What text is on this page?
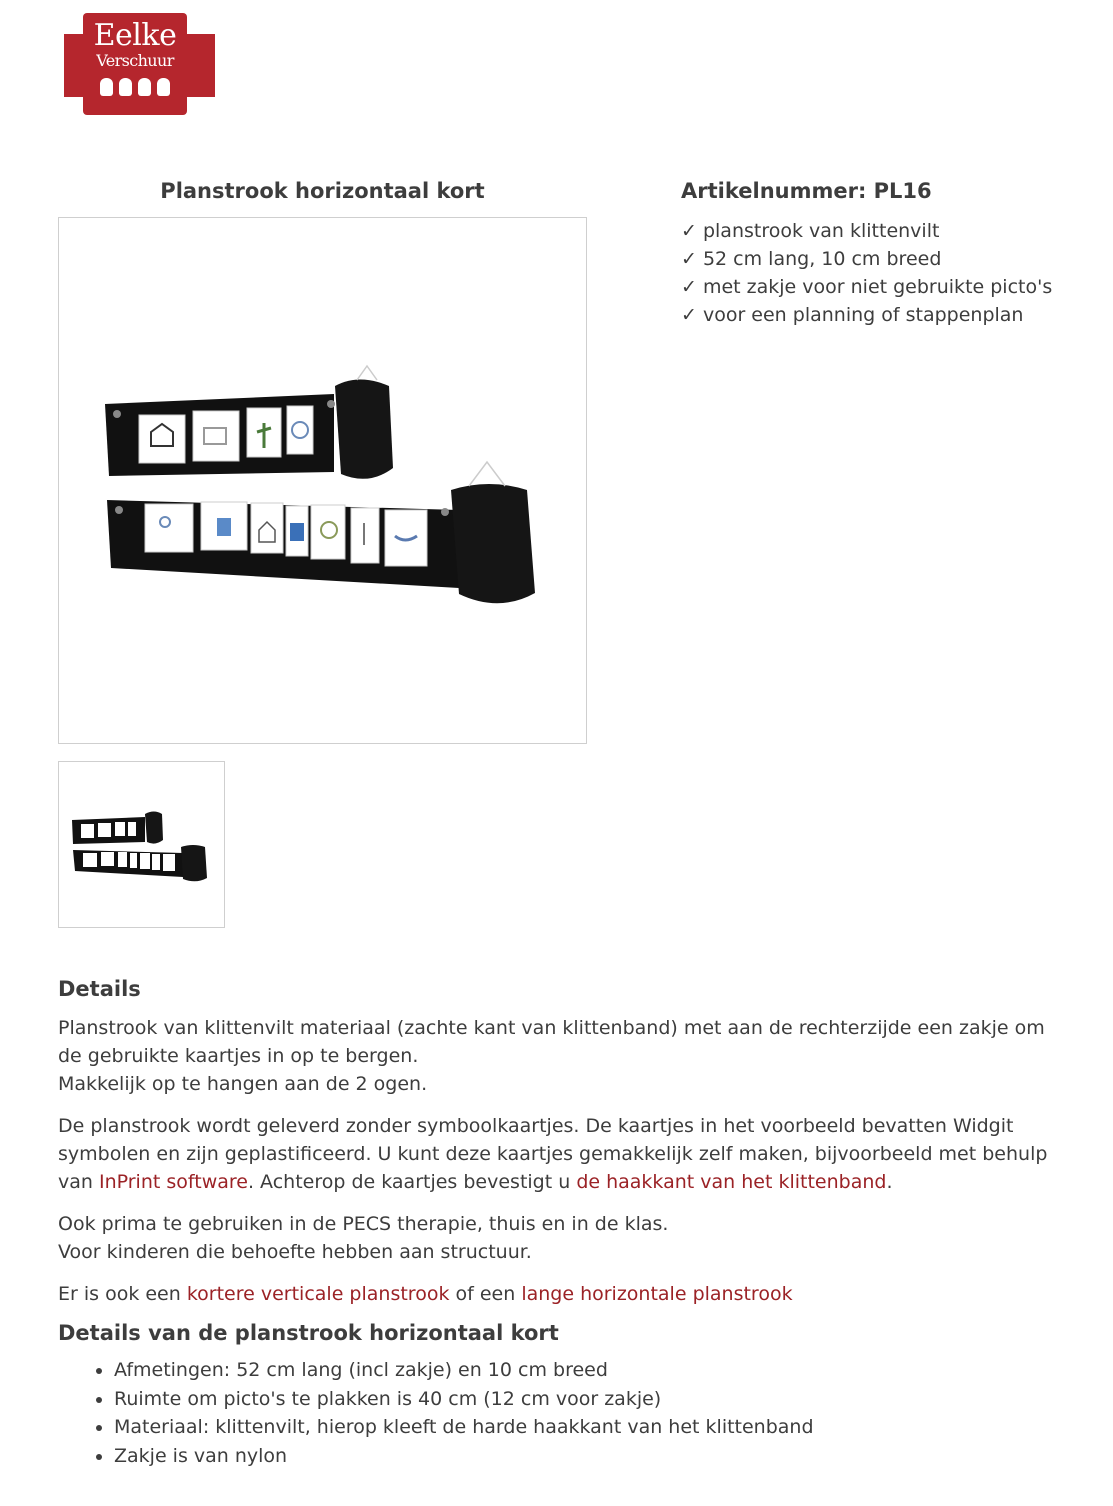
Eelke
Verschuur
Planstrook horizontaal kort	Artikelnummer: PL16
✓ planstrook van klittenvilt
✓ 52 cm lang, 10 cm breed
✓ met zakje voor niet gebruikte picto's
✓ voor een planning of stappenplan
Details

Planstrook van klittenvilt materiaal (zachte kant van klittenband) met aan de rechterzijde een zakje om de gebruikte kaartjes in op te bergen.
Makkelijk op te hangen aan de 2 ogen.

De planstrook wordt geleverd zonder symboolkaartjes. De kaartjes in het voorbeeld bevatten Widgit symbolen en zijn geplastificeerd. U kunt deze kaartjes gemakkelijk zelf maken, bijvoorbeeld met behulp van InPrint software. Achterop de kaartjes bevestigt u de haakkant van het klittenband.

Ook prima te gebruiken in de PECS therapie, thuis en in de klas.
Voor kinderen die behoefte hebben aan structuur.

Er is ook een kortere verticale planstrook of een lange horizontale planstrook

Details van de planstrook horizontaal kort
• Afmetingen: 52 cm lang (incl zakje) en 10 cm breed
• Ruimte om picto's te plakken is 40 cm (12 cm voor zakje)
• Materiaal: klittenvilt, hierop kleeft de harde haakkant van het klittenband
• Zakje is van nylon
